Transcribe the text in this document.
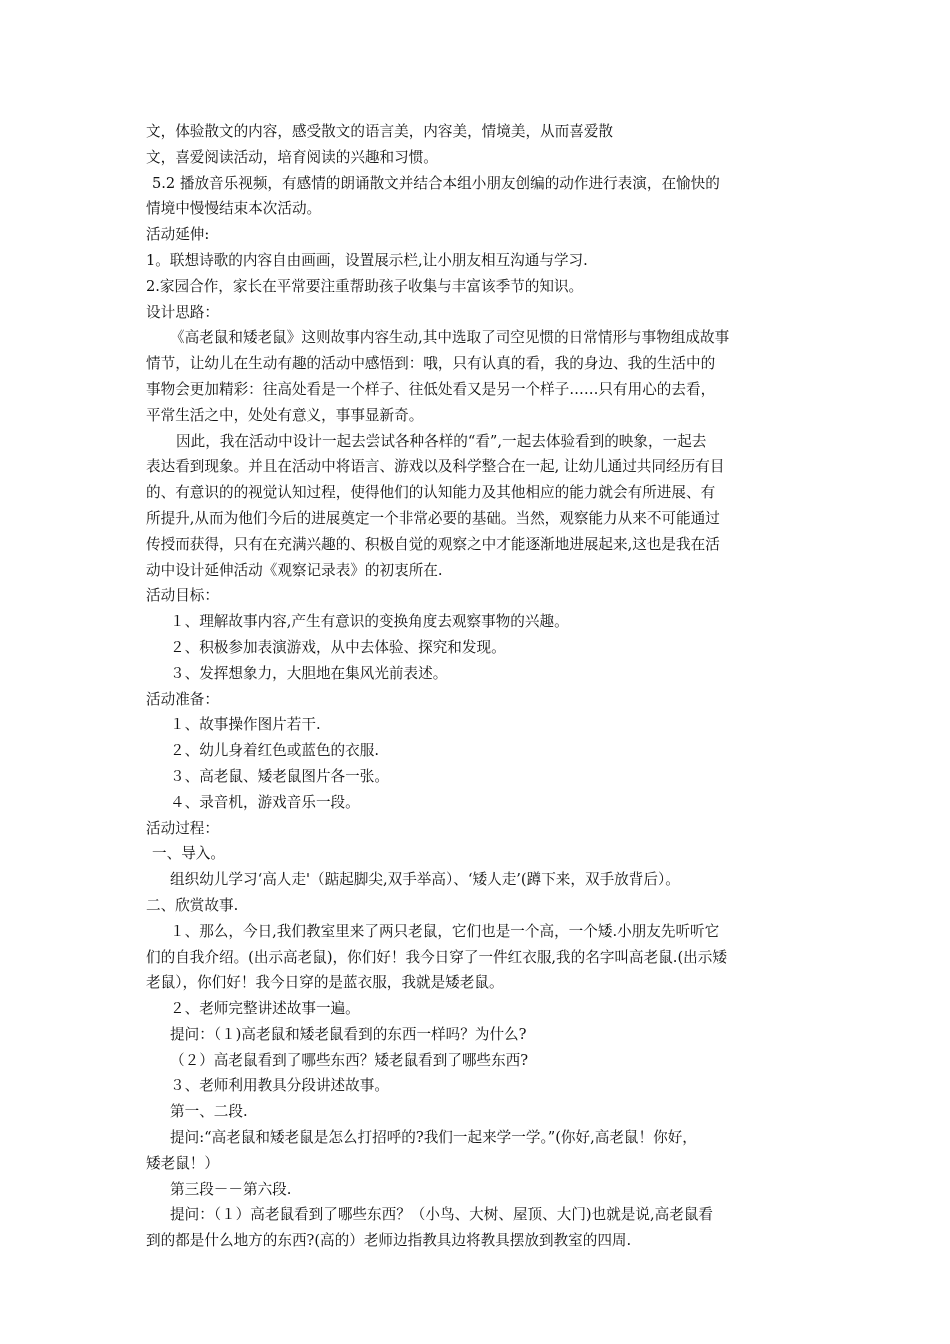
文，体验散文的内容，感受散文的语言美，内容美，情境美，从而喜爱散
文，喜爱阅读活动，培育阅读的兴趣和习惯。
5.2 播放音乐视频，有感情的朗诵散文并结合本组小朋友创编的动作进行表演，在愉快的
情境中慢慢结束本次活动。
活动延伸:
1。联想诗歌的内容自由画画，设置展示栏,让小朋友相互沟通与学习.
2.家园合作，家长在平常要注重帮助孩子收集与丰富该季节的知识。
设计思路：
《高老鼠和矮老鼠》这则故事内容生动,其中选取了司空见惯的日常情形与事物组成故事
情节，让幼儿在生动有趣的活动中感悟到：哦，只有认真的看，我的身边、我的生活中的
事物会更加精彩：往高处看是一个样子、往低处看又是另一个样子……只有用心的去看，
平常生活之中，处处有意义，事事显新奇。
因此，我在活动中设计一起去尝试各种各样的“看”,一起去体验看到的映象，一起去
表达看到现象。并且在活动中将语言、游戏以及科学整合在一起, 让幼儿通过共同经历有目
的、有意识的的视觉认知过程，使得他们的认知能力及其他相应的能力就会有所进展、有
所提升,从而为他们今后的进展奠定一个非常必要的基础。当然，观察能力从来不可能通过
传授而获得，只有在充满兴趣的、积极自觉的观察之中才能逐渐地进展起来,这也是我在活
动中设计延伸活动《观察记录表》的初衷所在.
活动目标：
１、理解故事内容,产生有意识的变换角度去观察事物的兴趣。
２、积极参加表演游戏，从中去体验、探究和发现。
３、发挥想象力，大胆地在集风光前表述。
活动准备：
１、故事操作图片若干.
２、幼儿身着红色或蓝色的衣服.
３、高老鼠、矮老鼠图片各一张。
４、录音机，游戏音乐一段。
活动过程：
一、导入。
组织幼儿学习‘高人走'（踮起脚尖,双手举高）、‘矮人走’(蹲下来，双手放背后）。
二、欣赏故事.
１、那么，今日,我们教室里来了两只老鼠，它们也是一个高，一个矮.小朋友先听听它
们的自我介绍。(出示高老鼠)，你们好！我今日穿了一件红衣服,我的名字叫高老鼠.(出示矮
老鼠），你们好！我今日穿的是蓝衣服，我就是矮老鼠。
２、老师完整讲述故事一遍。
提问：（１)高老鼠和矮老鼠看到的东西一样吗？为什么?
（２）高老鼠看到了哪些东西？矮老鼠看到了哪些东西?
３、老师利用教具分段讲述故事。
第一、二段.
提问:“高老鼠和矮老鼠是怎么打招呼的?我们一起来学一学。”(你好,高老鼠！你好，
矮老鼠！）
第三段－－第六段.
提问：（１）高老鼠看到了哪些东西？（小鸟、大树、屋顶、大门)也就是说,高老鼠看
到的都是什么地方的东西?(高的）老师边指教具边将教具摆放到教室的四周.
